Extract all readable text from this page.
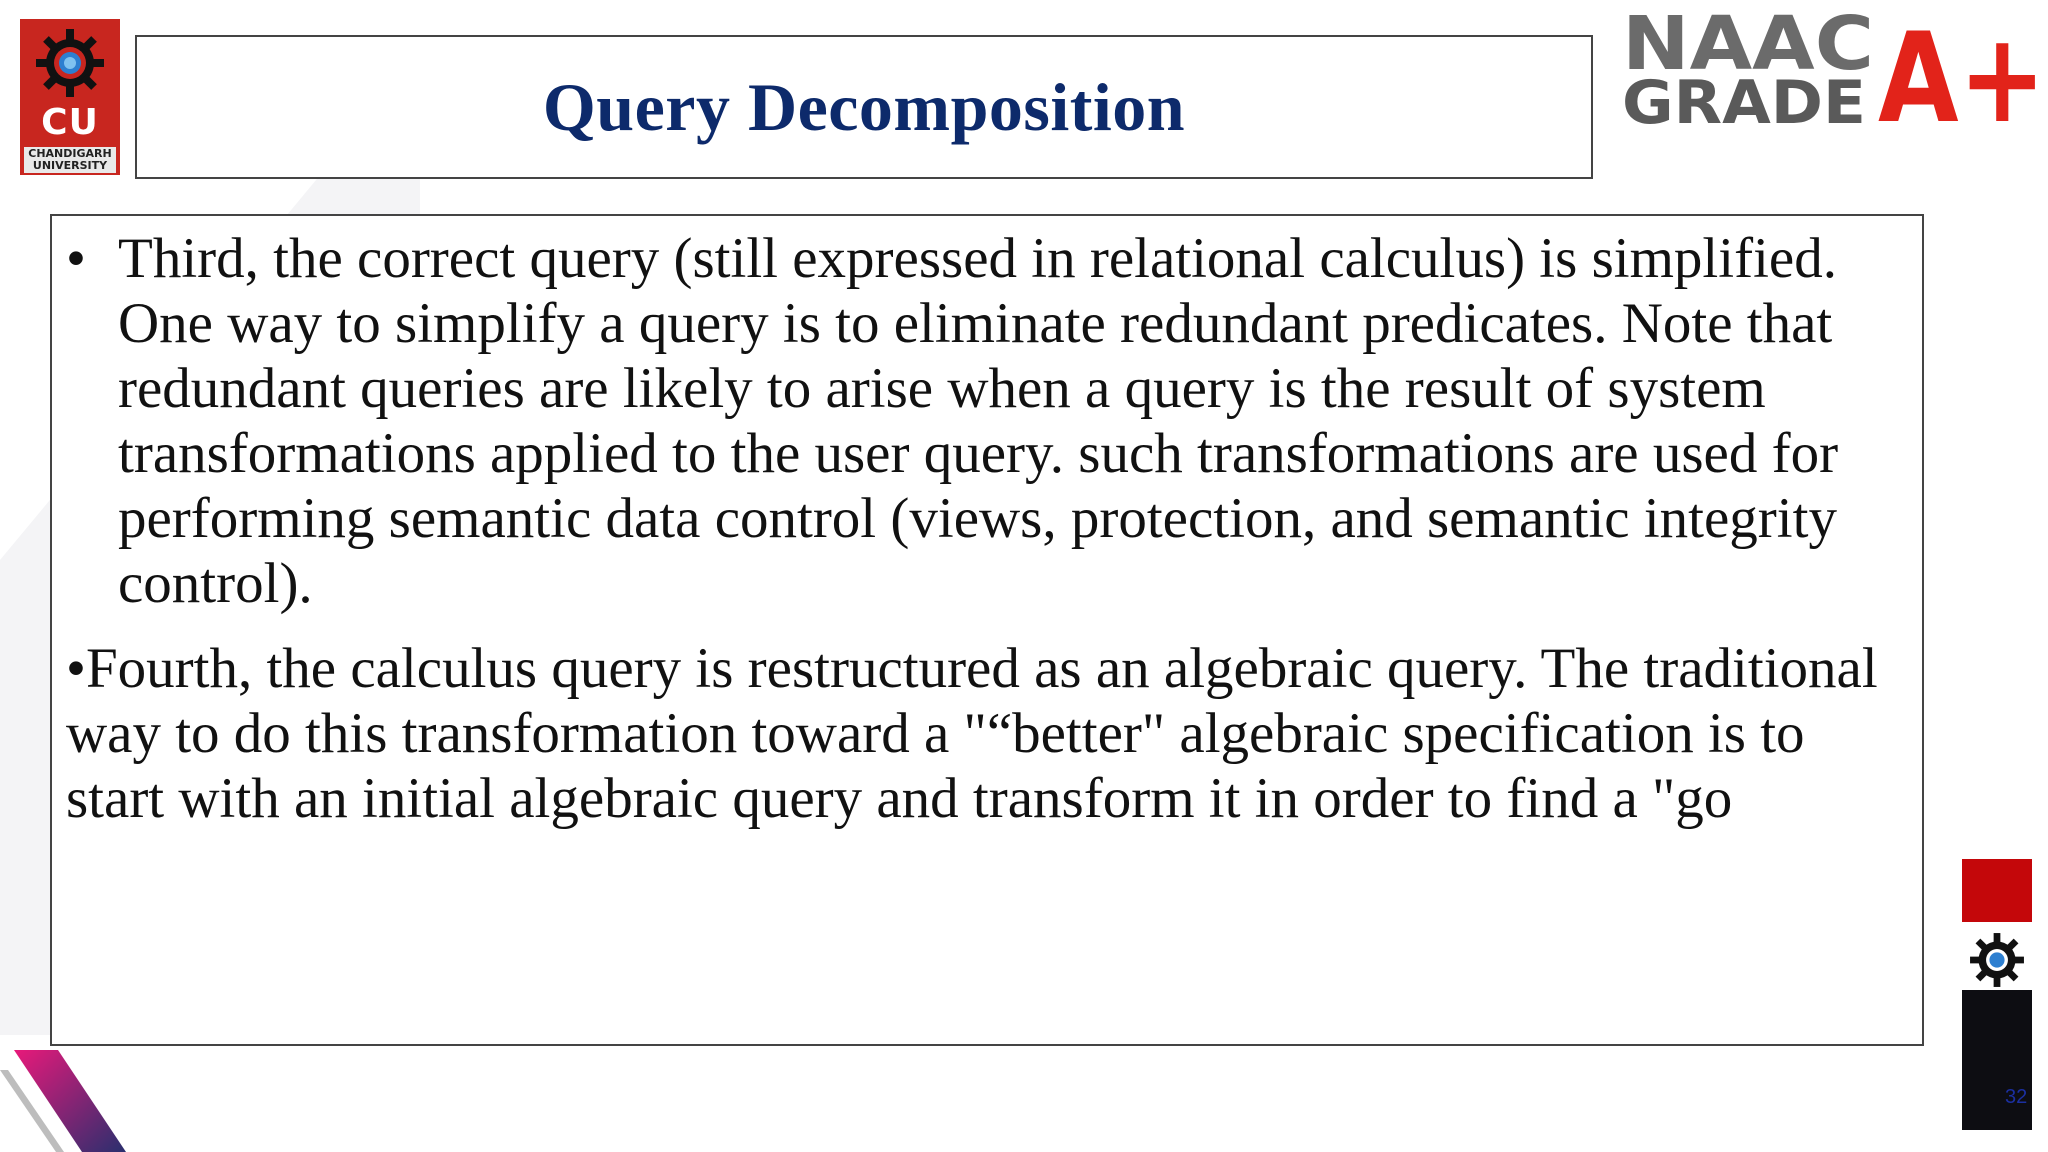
CU
CHANDIGARH
UNIVERSITY
Query Decomposition
NAAC
GRADE A+
• Third, the correct query (still expressed in relational calculus) is simplified. One way to simplify a query is to eliminate redundant predicates. Note that redundant queries are likely to arise when a query is the result of system transformations applied to the user query. such transformations are used for performing semantic data control (views, protection, and semantic integrity control).
•Fourth, the calculus query is restructured as an algebraic query. The traditional way to do this transformation toward a "“better" algebraic specification is to start with an initial algebraic query and transform it in order to find a "go
32
